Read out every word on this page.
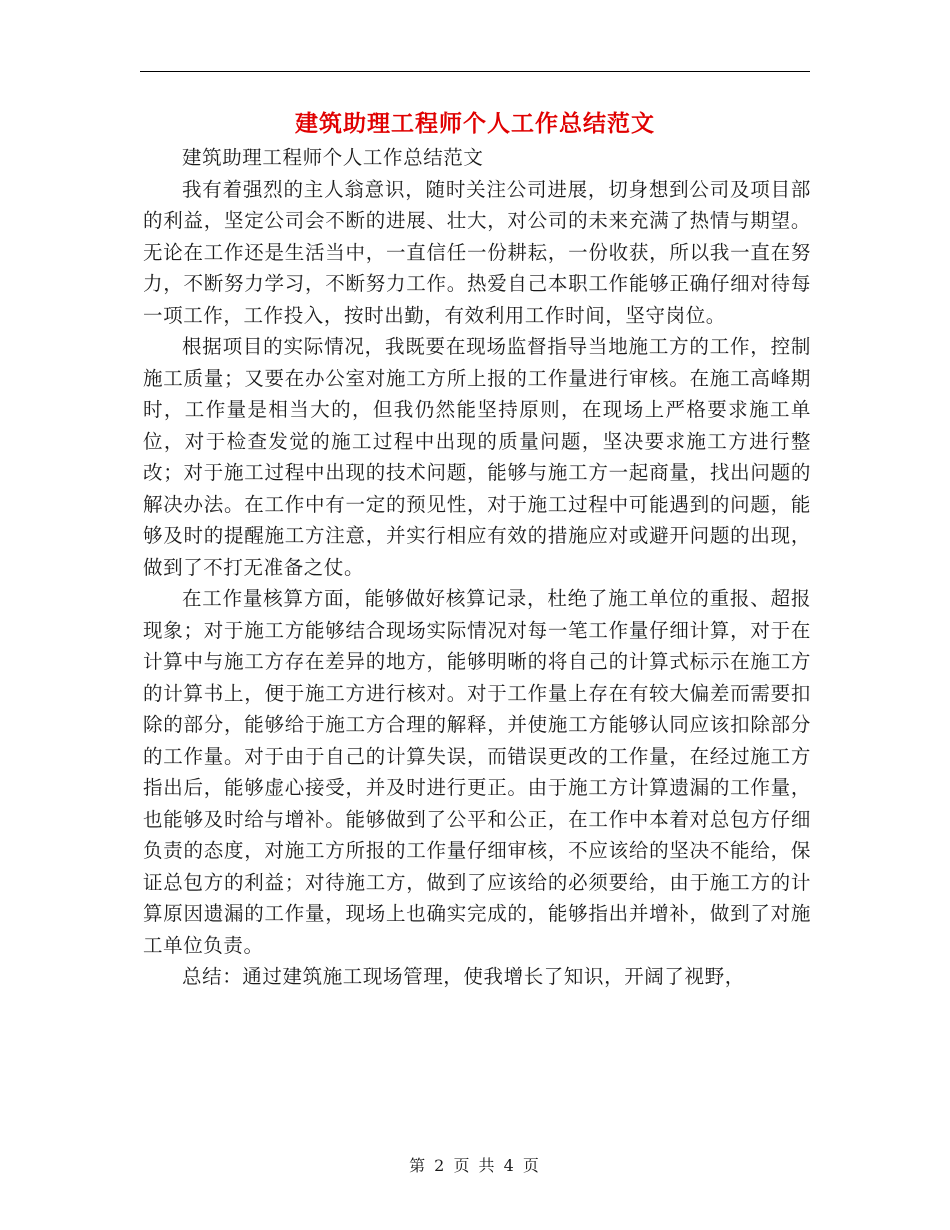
建筑助理工程师个人工作总结范文

建筑助理工程师个人工作总结范文

我有着强烈的主人翁意识，随时关注公司进展，切身想到公司及项目部的利益，坚定公司会不断的进展、壮大，对公司的未来充满了热情与期望。无论在工作还是生活当中，一直信任一份耕耘，一份收获，所以我一直在努力，不断努力学习，不断努力工作。热爱自己本职工作能够正确仔细对待每一项工作，工作投入，按时出勤，有效利用工作时间，坚守岗位。

根据项目的实际情况，我既要在现场监督指导当地施工方的工作，控制施工质量；又要在办公室对施工方所上报的工作量进行审核。在施工高峰期时，工作量是相当大的，但我仍然能坚持原则，在现场上严格要求施工单位，对于检查发觉的施工过程中出现的质量问题，坚决要求施工方进行整改；对于施工过程中出现的技术问题，能够与施工方一起商量，找出问题的解决办法。在工作中有一定的预见性，对于施工过程中可能遇到的问题，能够及时的提醒施工方注意，并实行相应有效的措施应对或避开问题的出现，做到了不打无准备之仗。

在工作量核算方面，能够做好核算记录，杜绝了施工单位的重报、超报现象；对于施工方能够结合现场实际情况对每一笔工作量仔细计算，对于在计算中与施工方存在差异的地方，能够明晰的将自己的计算式标示在施工方的计算书上，便于施工方进行核对。对于工作量上存在有较大偏差而需要扣除的部分，能够给于施工方合理的解释，并使施工方能够认同应该扣除部分的工作量。对于由于自己的计算失误，而错误更改的工作量，在经过施工方指出后，能够虚心接受，并及时进行更正。由于施工方计算遗漏的工作量，也能够及时给与增补。能够做到了公平和公正，在工作中本着对总包方仔细负责的态度，对施工方所报的工作量仔细审核，不应该给的坚决不能给，保证总包方的利益；对待施工方，做到了应该给的必须要给，由于施工方的计算原因遗漏的工作量，现场上也确实完成的，能够指出并增补，做到了对施工单位负责。

总结：通过建筑施工现场管理，使我增长了知识，开阔了视野，

第 2 页 共 4 页
